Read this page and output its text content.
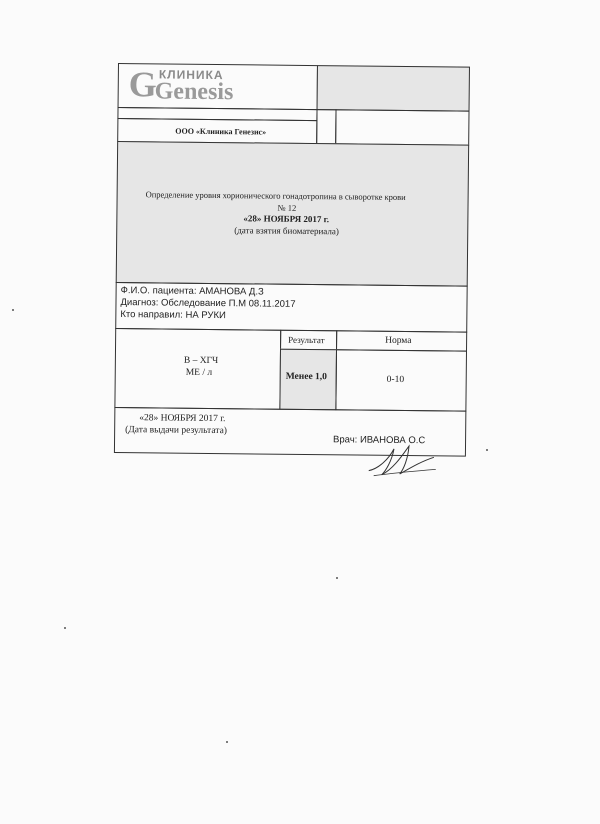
G КЛИНИКА
Genesis
ООО «Клиника Генезис»
Определение уровня хорионического гонадотропина в сыворотке крови
№ 12
«28» НОЯБРЯ 2017 г.
(дата взятия биоматериала)
Ф.И.О. пациента: АМАНОВА Д.З
Диагноз: Обследование П.М 08.11.2017
Кто направил: НА РУКИ
В – ХГЧ
МЕ / л
Результат	Норма
Менее 1,0	0-10
«28» НОЯБРЯ 2017 г.
(Дата выдачи результата)
Врач: ИВАНОВА О.С
